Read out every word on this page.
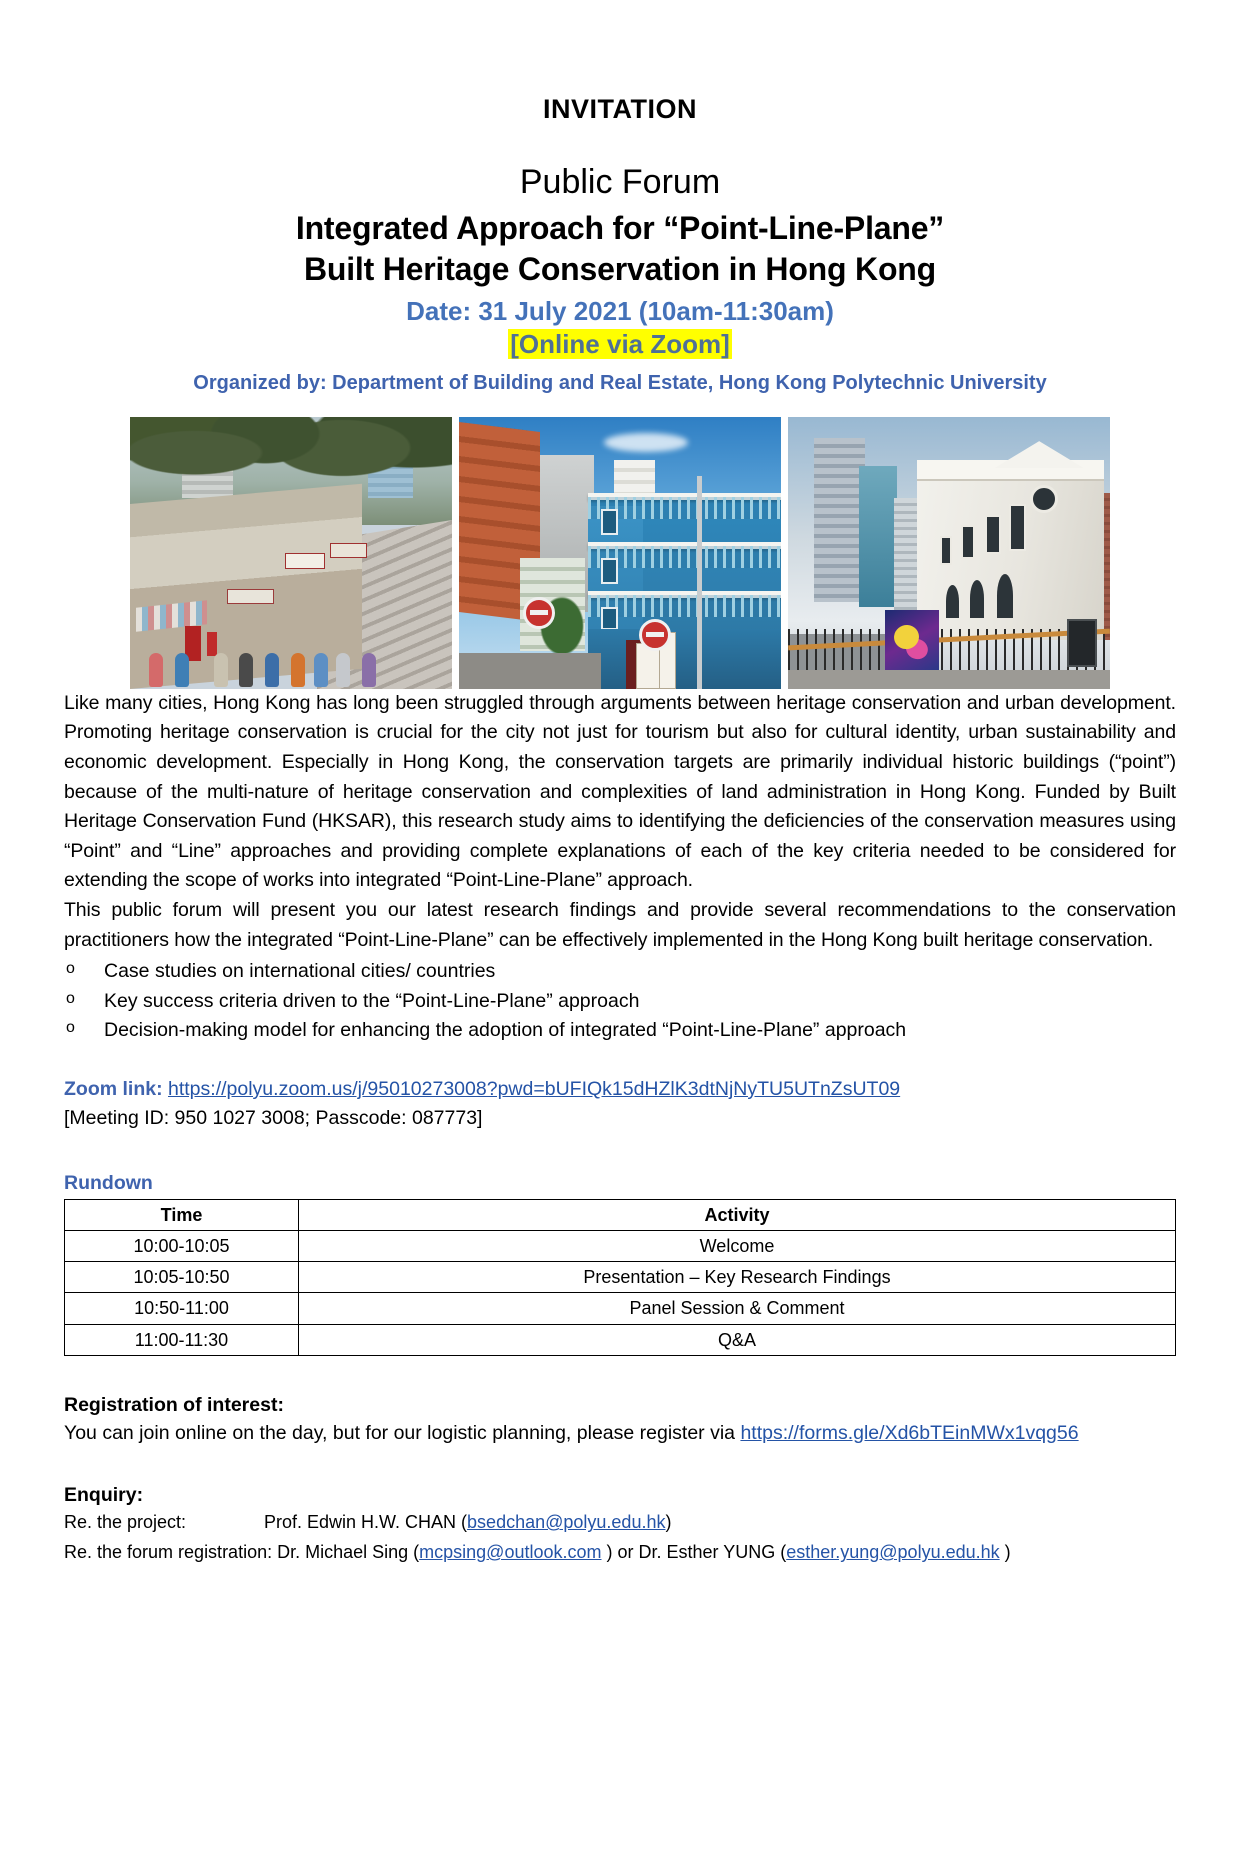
INVITATION
Public Forum
Integrated Approach for “Point-Line-Plane”
Built Heritage Conservation in Hong Kong
Date: 31 July 2021 (10am-11:30am)
[Online via Zoom]
Organized by: Department of Building and Real Estate, Hong Kong Polytechnic University

Like many cities, Hong Kong has long been struggled through arguments between heritage conservation and urban development. Promoting heritage conservation is crucial for the city not just for tourism but also for cultural identity, urban sustainability and economic development. Especially in Hong Kong, the conservation targets are primarily individual historic buildings (“point”) because of the multi-nature of heritage conservation and complexities of land administration in Hong Kong. Funded by Built Heritage Conservation Fund (HKSAR), this research study aims to identifying the deficiencies of the conservation measures using “Point” and “Line” approaches and providing complete explanations of each of the key criteria needed to be considered for extending the scope of works into integrated “Point-Line-Plane” approach.

This public forum will present you our latest research findings and provide several recommendations to the conservation practitioners how the integrated “Point-Line-Plane” can be effectively implemented in the Hong Kong built heritage conservation.

o Case studies on international cities/ countries
o Key success criteria driven to the “Point-Line-Plane” approach
o Decision-making model for enhancing the adoption of integrated “Point-Line-Plane” approach
Zoom link: https://polyu.zoom.us/j/95010273008?pwd=bUFIQk15dHZlK3dtNjNyTU5UTnZsUT09
[Meeting ID: 950 1027 3008; Passcode: 087773]
Rundown
Time	Activity
10:00-10:05	Welcome
10:05-10:50	Presentation – Key Research Findings
10:50-11:00	Panel Session & Comment
11:00-11:30	Q&A
Registration of interest:
You can join online on the day, but for our logistic planning, please register via https://forms.gle/Xd6bTEinMWx1vqg56
Enquiry:
Re. the project:	Prof. Edwin H.W. CHAN (bsedchan@polyu.edu.hk)
Re. the forum registration: Dr. Michael Sing (mcpsing@outlook.com ) or Dr. Esther YUNG (esther.yung@polyu.edu.hk )
